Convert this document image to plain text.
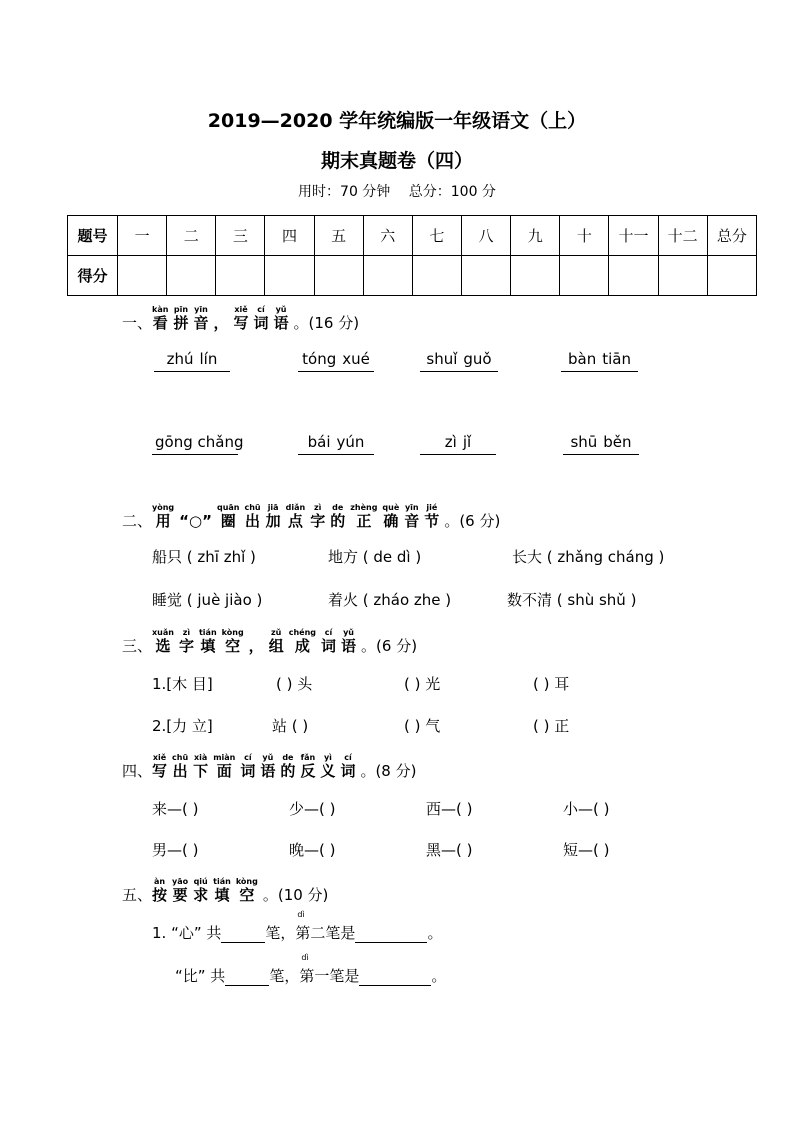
2019—2020 学年统编版一年级语文（上）
期末真题卷（四）
用时：70 分钟 总分：100 分
题号	一	二	三	四	五	六	七	八	九	十	十一	十二	总分
得分													
一、看kàn拼pīn音yīn， 写xiě词cí语yǔ。(16 分)
zhú lín	tóng xué	shuǐ guǒ	bàn tiān
gōng chǎng	bái yún	zì jǐ	shū běn
二、用yòng“○” 圈quān出chū加jiā点diǎn字zì的de正zhèng确què音yīn节jié。(6 分)
船只 ( zhī zhǐ )	地方 ( de dì )	长大 ( zhǎng cháng )
睡觉 ( juè jiào )	着火 ( zháo zhe )	数不清 ( shù shǔ )
三、选xuǎn字zì填tián空kòng， 组zǔ成chéng词cí语yǔ。(6 分)
1.[木 目]	( ) 头	( ) 光	( ) 耳
2.[力 立]	站 ( )	( ) 气	( ) 正
四、写xiě出chū下xià面miàn词cí语yǔ的de反fǎn义yì词cí。(8 分)
来—( )	少—( )	西—( )	小—( )
男—( )	晚—( )	黑—( )	短—( )
五、按àn要yāo求qiú填tián空kòng。(10 分)
1. “心” 共	笔，
dì
第二笔是	。
“比” 共	笔，
dì
第一笔是	。
